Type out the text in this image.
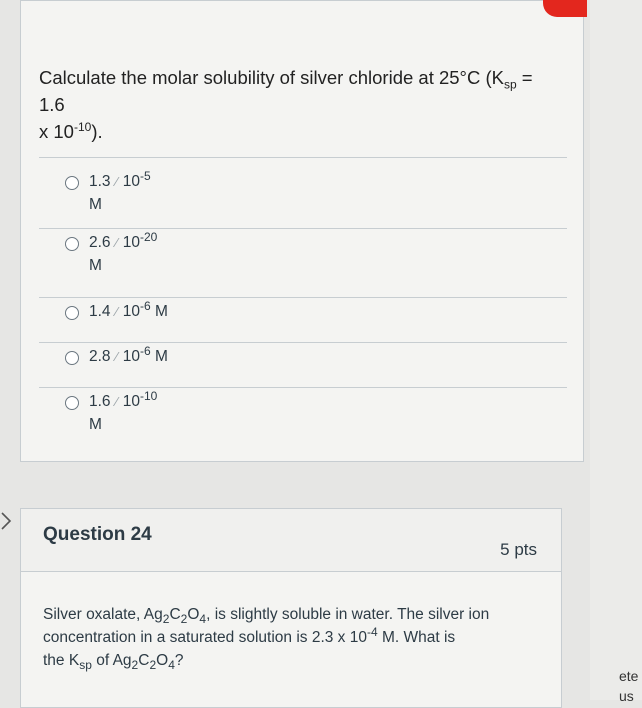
Calculate the molar solubility of silver chloride at 25°C ($K_{sp} = 1.6$
x $10^{-10}$).
1.3 ⁄ $10^{-5}$
M
2.6 ⁄ $10^{-20}$
M
1.4 ⁄ $10^{-6}$ M
2.8 ⁄ $10^{-6}$ M
1.6 ⁄ $10^{-10}$
M
Question 24
5 pts
Silver oxalate, $Ag_2C_2O_4$, is slightly soluble in water. The silver ion
concentration in a saturated solution is 2.3 x $10^{-4}$ M. What is
the $K_{sp}$ of $Ag_2C_2O_4$?
ete
us
